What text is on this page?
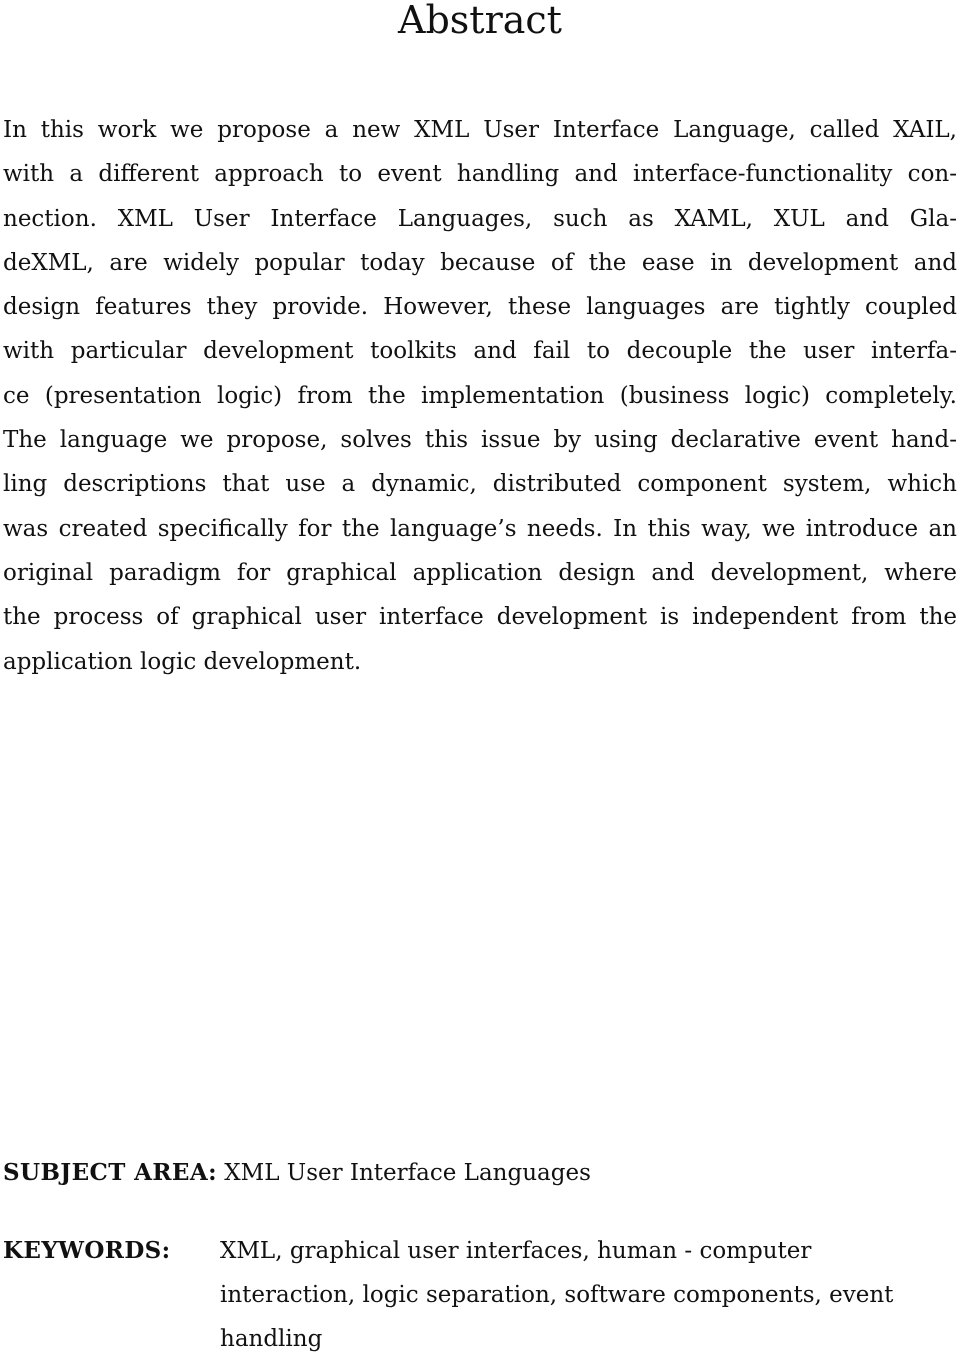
Abstract
In this work we propose a new XML User Interface Language, called XAIL,
with a different approach to event handling and interface-functionality con-
nection. XML User Interface Languages, such as XAML, XUL and Gla-
deXML, are widely popular today because of the ease in development and
design features they provide. However, these languages are tightly coupled
with particular development toolkits and fail to decouple the user interfa-
ce (presentation logic) from the implementation (business logic) completely.
The language we propose, solves this issue by using declarative event hand-
ling descriptions that use a dynamic, distributed component system, which
was created specifically for the language’s needs. In this way, we introduce an
original paradigm for graphical application design and development, where
the process of graphical user interface development is independent from the
application logic development.
SUBJECT AREA: XML User Interface Languages
KEYWORDS: XML, graphical user interfaces, human - computer
interaction, logic separation, software components, event
handling
